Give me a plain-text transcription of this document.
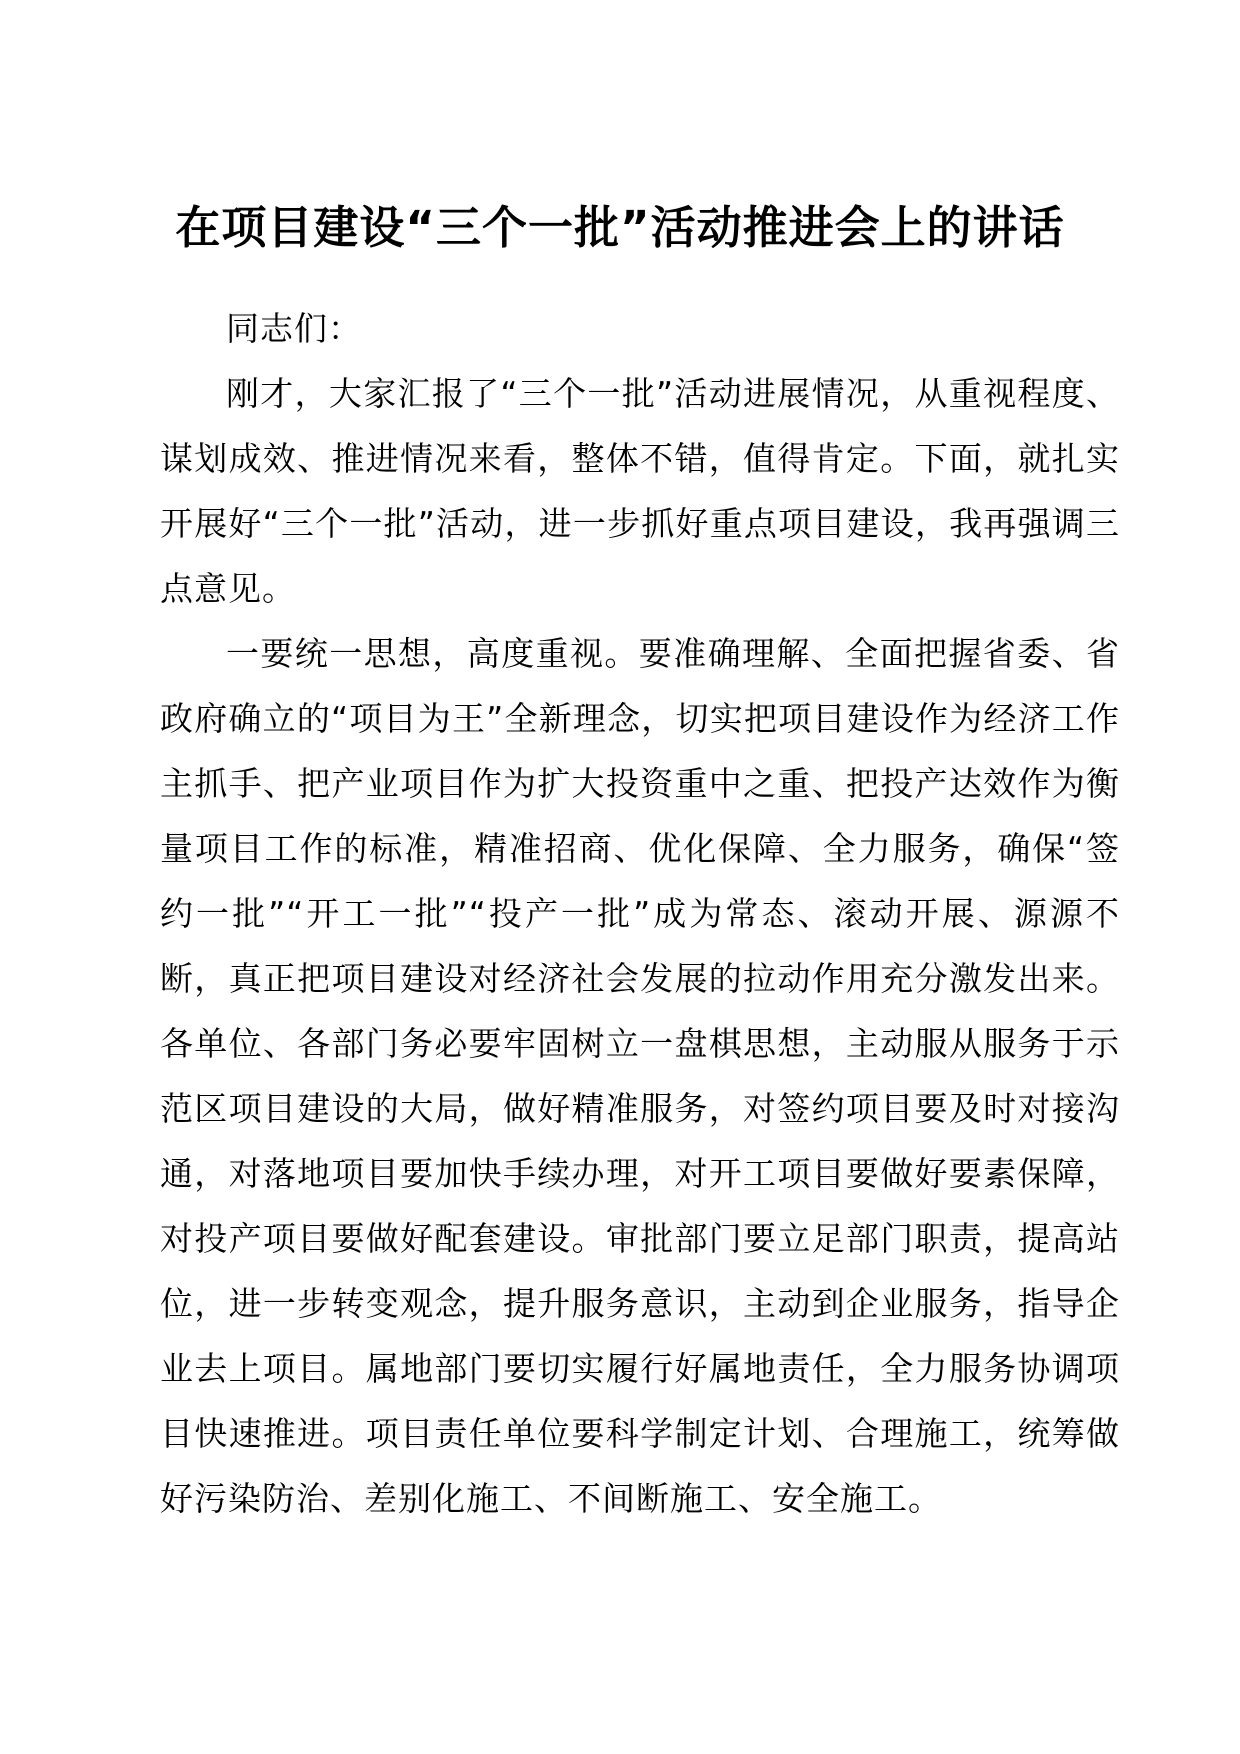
在项目建设“三个一批”活动推进会上的讲话

同志们：

刚才，大家汇报了“三个一批”活动进展情况，从重视程度、谋划成效、推进情况来看，整体不错，值得肯定。下面，就扎实开展好“三个一批”活动，进一步抓好重点项目建设，我再强调三点意见。

一要统一思想，高度重视。要准确理解、全面把握省委、省政府确立的“项目为王”全新理念，切实把项目建设作为经济工作主抓手、把产业项目作为扩大投资重中之重、把投产达效作为衡量项目工作的标准，精准招商、优化保障、全力服务，确保“签约一批”“开工一批”“投产一批”成为常态、滚动开展、源源不断，真正把项目建设对经济社会发展的拉动作用充分激发出来。各单位、各部门务必要牢固树立一盘棋思想，主动服从服务于示范区项目建设的大局，做好精准服务，对签约项目要及时对接沟通，对落地项目要加快手续办理，对开工项目要做好要素保障，对投产项目要做好配套建设。审批部门要立足部门职责，提高站位，进一步转变观念，提升服务意识，主动到企业服务，指导企业去上项目。属地部门要切实履行好属地责任，全力服务协调项目快速推进。项目责任单位要科学制定计划、合理施工，统筹做好污染防治、差别化施工、不间断施工、安全施工。
